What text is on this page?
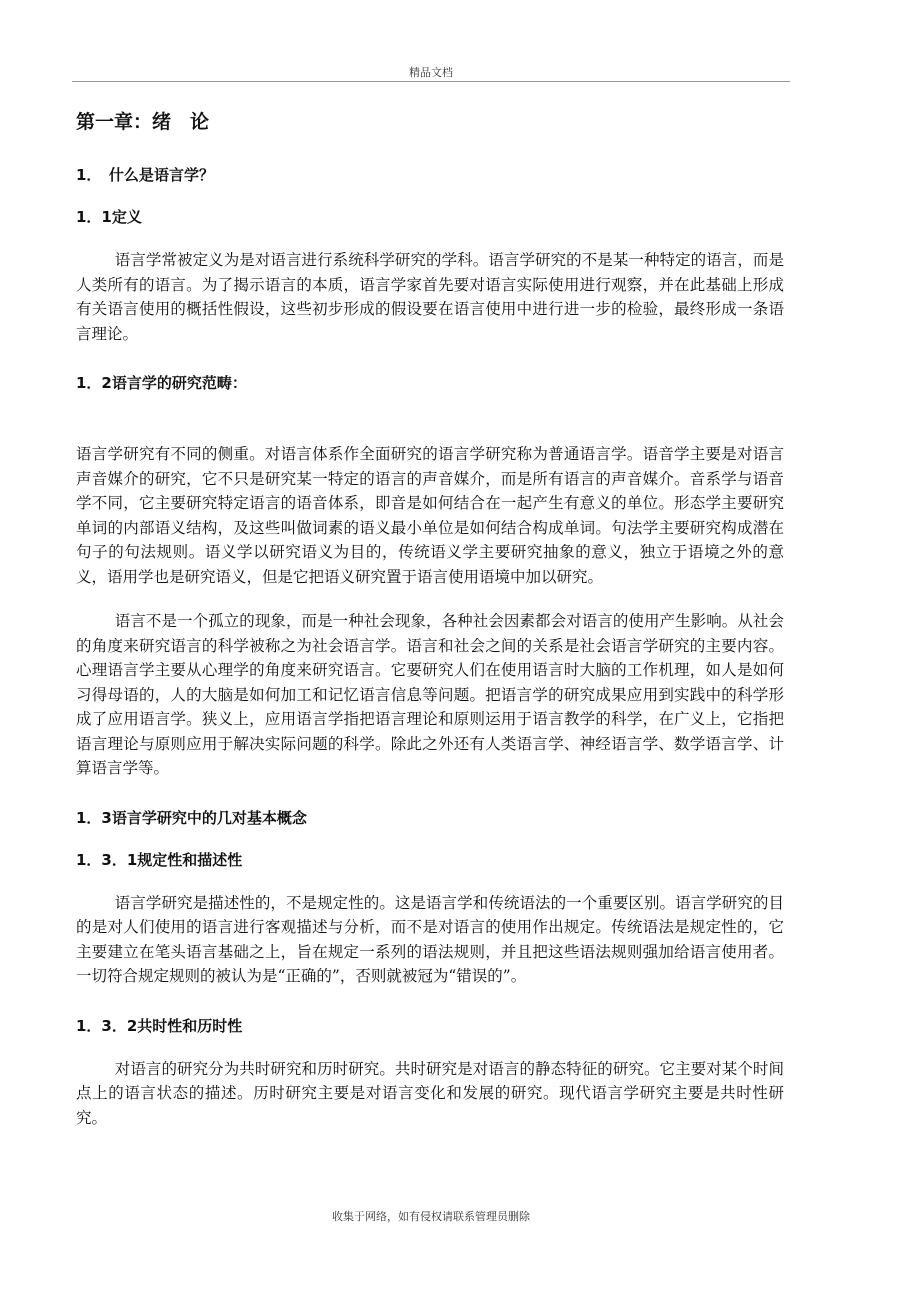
精品文档
第一章：绪　论
1．　什么是语言学？
1．1定义

语言学常被定义为是对语言进行系统科学研究的学科。语言学研究的不是某一种特定的语言，而是人类所有的语言。为了揭示语言的本质，语言学家首先要对语言实际使用进行观察，并在此基础上形成有关语言使用的概括性假设，这些初步形成的假设要在语言使用中进行进一步的检验，最终形成一条语言理论。

1．2语言学的研究范畴：

语言学研究有不同的侧重。对语言体系作全面研究的语言学研究称为普通语言学。语音学主要是对语言声音媒介的研究，它不只是研究某一特定的语言的声音媒介，而是所有语言的声音媒介。音系学与语音学不同，它主要研究特定语言的语音体系，即音是如何结合在一起产生有意义的单位。形态学主要研究单词的内部语义结构，及这些叫做词素的语义最小单位是如何结合构成单词。句法学主要研究构成潜在句子的句法规则。语义学以研究语义为目的，传统语义学主要研究抽象的意义，独立于语境之外的意义，语用学也是研究语义，但是它把语义研究置于语言使用语境中加以研究。

语言不是一个孤立的现象，而是一种社会现象，各种社会因素都会对语言的使用产生影响。从社会的角度来研究语言的科学被称之为社会语言学。语言和社会之间的关系是社会语言学研究的主要内容。心理语言学主要从心理学的角度来研究语言。它要研究人们在使用语言时大脑的工作机理，如人是如何习得母语的，人的大脑是如何加工和记忆语言信息等问题。把语言学的研究成果应用到实践中的科学形成了应用语言学。狭义上，应用语言学指把语言理论和原则运用于语言教学的科学，在广义上，它指把语言理论与原则应用于解决实际问题的科学。除此之外还有人类语言学、神经语言学、数学语言学、计算语言学等。

1．3语言学研究中的几对基本概念
1．3．1规定性和描述性

语言学研究是描述性的，不是规定性的。这是语言学和传统语法的一个重要区别。语言学研究的目的是对人们使用的语言进行客观描述与分析，而不是对语言的使用作出规定。传统语法是规定性的，它主要建立在笔头语言基础之上，旨在规定一系列的语法规则，并且把这些语法规则强加给语言使用者。一切符合规定规则的被认为是“正确的”，否则就被冠为“错误的”。

1．3．2共时性和历时性

对语言的研究分为共时研究和历时研究。共时研究是对语言的静态特征的研究。它主要对某个时间点上的语言状态的描述。历时研究主要是对语言变化和发展的研究。现代语言学研究主要是共时性研究。

收集于网络，如有侵权请联系管理员删除
